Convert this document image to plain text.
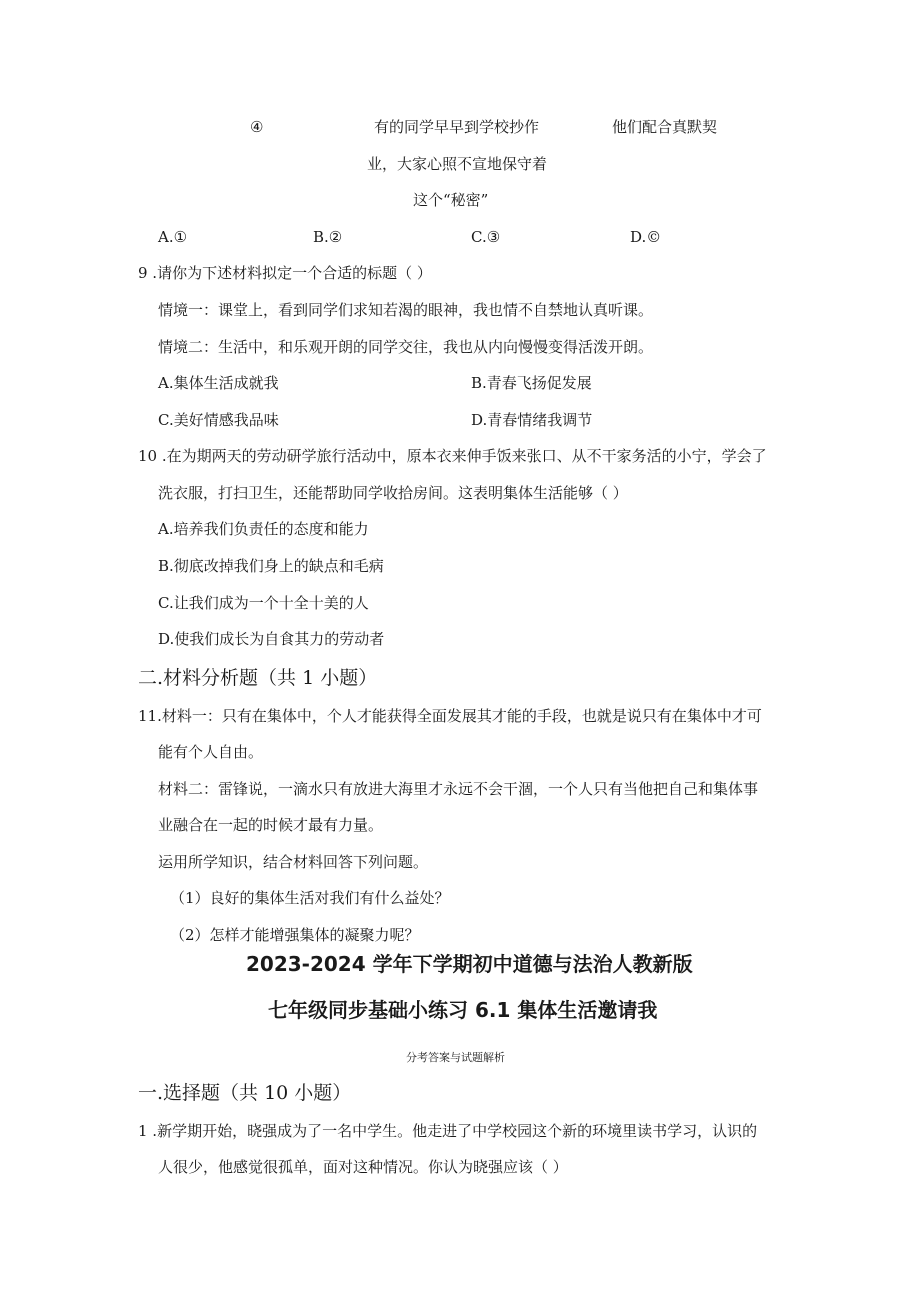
④	有的同学早早到学校抄作	他们配合真默契
业，大家心照不宣地保守着
这个“秘密”
A.①	B.②	C.③	D.©
9 .请你为下述材料拟定一个合适的标题（ ）
情境一：课堂上，看到同学们求知若渴的眼神，我也情不自禁地认真听课。
情境二：生活中，和乐观开朗的同学交往，我也从内向慢慢变得活泼开朗。
A.集体生活成就我	B.青春飞扬促发展
C.美好情感我品味	D.青春情绪我调节
10 .在为期两天的劳动研学旅行活动中，原本衣来伸手饭来张口、从不干家务活的小宁，学会了
洗衣服，打扫卫生，还能帮助同学收拾房间。这表明集体生活能够（ ）
A.培养我们负责任的态度和能力
B.彻底改掉我们身上的缺点和毛病
C.让我们成为一个十全十美的人
D.使我们成长为自食其力的劳动者
二.材料分析题（共 1 小题）
11.材料一：只有在集体中，个人才能获得全面发展其才能的手段，也就是说只有在集体中才可
能有个人自由。
材料二：雷锋说，一滴水只有放进大海里才永远不会干涸，一个人只有当他把自己和集体事
业融合在一起的时候才最有力量。
运用所学知识，结合材料回答下列问题。
（1）良好的集体生活对我们有什么益处？
（2）怎样才能增强集体的凝聚力呢？
2023-2024 学年下学期初中道德与法治人教新版
七年级同步基础小练习 6.1 集体生活邀请我
分考答案与试题解析
一.选择题（共 10 小题）
1 .新学期开始，晓强成为了一名中学生。他走进了中学校园这个新的环境里读书学习，认识的
人很少，他感觉很孤单，面对这种情况。你认为晓强应该（ ）
